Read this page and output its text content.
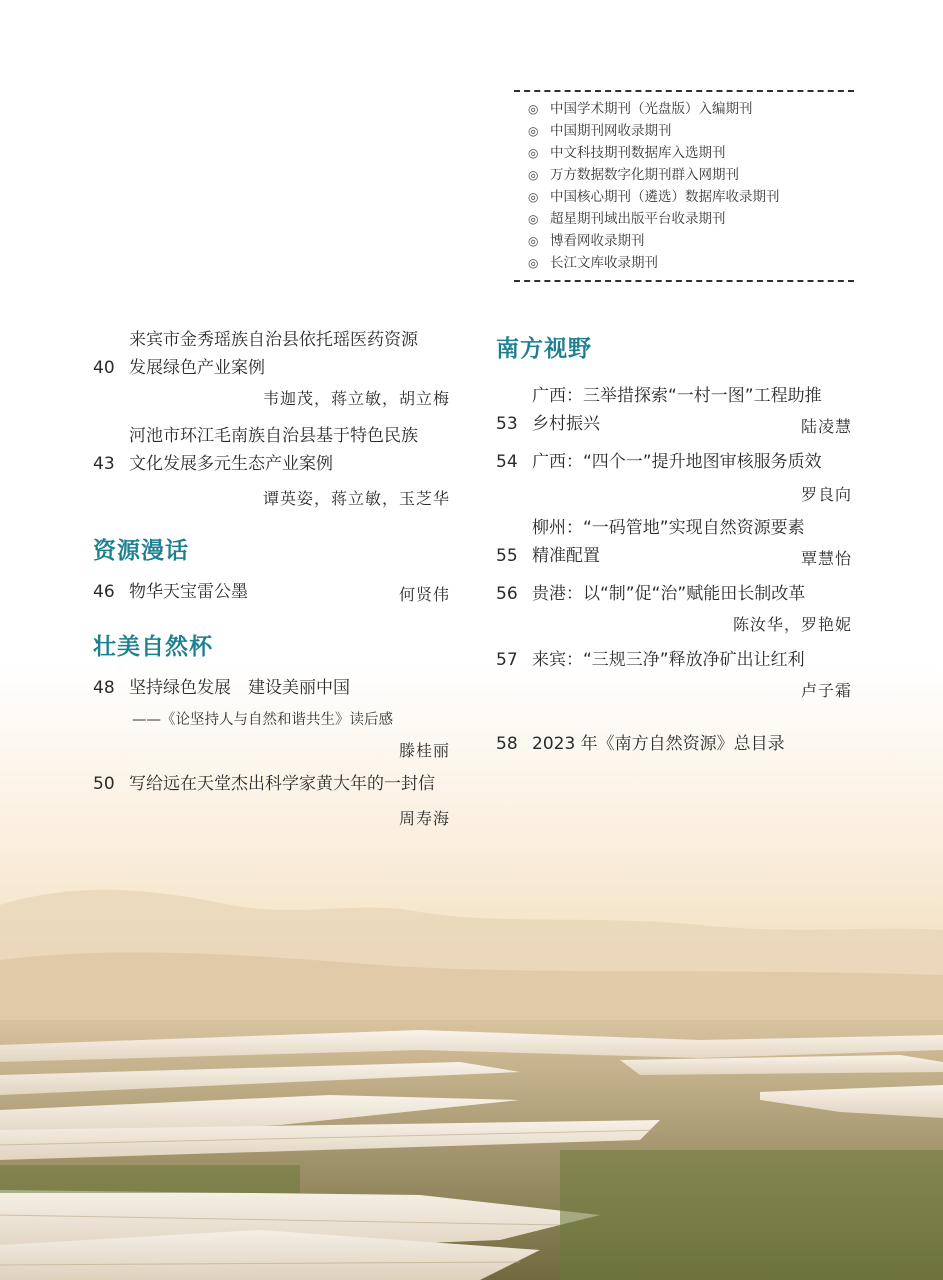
◎ 中国学术期刊（光盘版）入编期刊
◎ 中国期刊网收录期刊
◎ 中文科技期刊数据库入选期刊
◎ 万方数据数字化期刊群入网期刊
◎ 中国核心期刊（遴选）数据库收录期刊
◎ 超星期刊域出版平台收录期刊
◎ 博看网收录期刊
◎ 长江文库收录期刊
40来宾市金秀瑶族自治县依托瑶医药资源
发展绿色产业案例
韦迦茂，蒋立敏，胡立梅
43河池市环江毛南族自治县基于特色民族
文化发展多元生态产业案例
谭英姿，蒋立敏，玉芝华
资源漫话
46 物华天宝雷公墨	何贤伟
壮美自然杯
48 坚持绿色发展　建设美丽中国
——《论坚持人与自然和谐共生》读后感
滕桂丽
50 写给远在天堂杰出科学家黄大年的一封信
周寿海
南方视野
53广西：三举措探索“一村一图”工程助推
乡村振兴	陆凌慧
54 广西：“四个一”提升地图审核服务质效
罗良向
55柳州：“一码管地”实现自然资源要素
精准配置	覃慧怡
56 贵港：以“制”促“治”赋能田长制改革
陈汝华，罗艳妮
57 来宾：“三规三净”释放净矿出让红利
卢子霜
58 2023 年《南方自然资源》总目录
